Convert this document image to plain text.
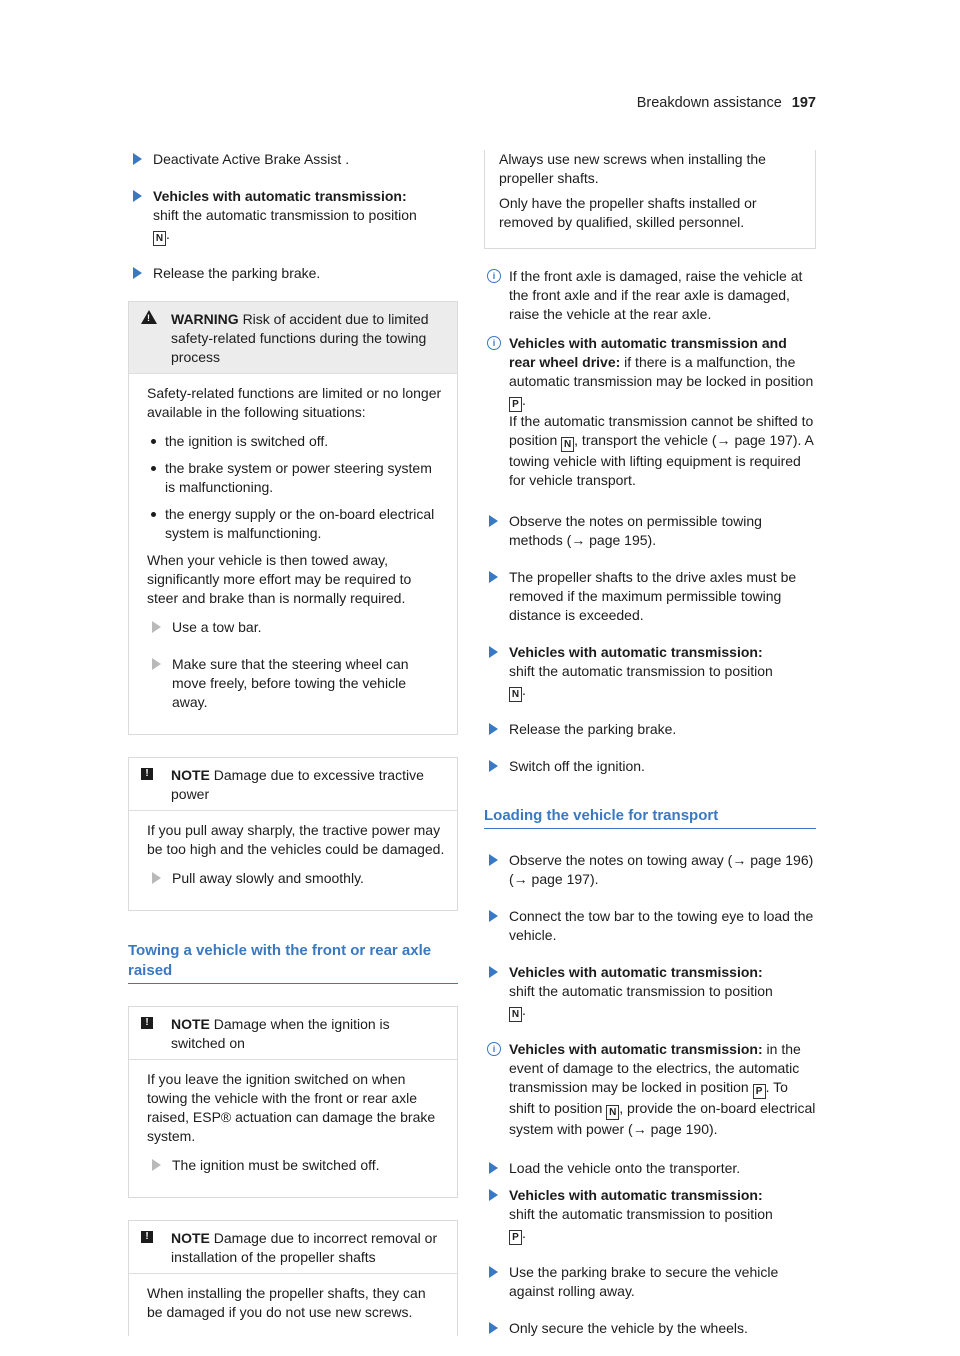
Breakdown assistance 197
Deactivate Active Brake Assist .
Vehicles with automatic transmission:
shift the automatic transmission to position
N .
Release the parking brake.
! WARNING Risk of accident due to limited safety-related functions during the towing process

Safety-related functions are limited or no longer available in the following situations:

the ignition is switched off.
the brake system or power steering system is malfunctioning.
the energy supply or the on-board electrical system is malfunctioning.

When your vehicle is then towed away, significantly more effort may be required to steer and brake than is normally required.

Use a tow bar.
Make sure that the steering wheel can move freely, before towing the vehicle away.
!	NOTE Damage due to excessive tractive power

If you pull away sharply, the tractive power may be too high and the vehicles could be damaged.

Pull away slowly and smoothly.
Towing a vehicle with the front or rear axle raised
!	NOTE Damage when the ignition is switched on

If you leave the ignition switched on when towing the vehicle with the front or rear axle raised, ESP® actuation can damage the brake system.

The ignition must be switched off.
!	NOTE Damage due to incorrect removal or installation of the propeller shafts

When installing the propeller shafts, they can be damaged if you do not use new screws.

Always use new screws when installing the propeller shafts.

Only have the propeller shafts installed or removed by qualified, skilled personnel.

i If the front axle is damaged, raise the vehicle at the front axle and if the rear axle is damaged, raise the vehicle at the rear axle.
i Vehicles with automatic transmission and rear wheel drive: if there is a malfunction, the automatic transmission may be locked in position P .
If the automatic transmission cannot be shifted to position N , transport the vehicle (→ page 197). A towing vehicle with lifting equipment is required for vehicle transport.
Observe the notes on permissible towing methods (→ page 195).
The propeller shafts to the drive axles must be removed if the maximum permissible towing distance is exceeded.
Vehicles with automatic transmission:
shift the automatic transmission to position
N .
Release the parking brake.
Switch off the ignition.
Loading the vehicle for transport
Observe the notes on towing away (→ page 196) (→ page 197).
Connect the tow bar to the towing eye to load the vehicle.
Vehicles with automatic transmission:
shift the automatic transmission to position
N .
i Vehicles with automatic transmission: in the event of damage to the electrics, the automatic transmission may be locked in position P . To shift to position N , provide the on-board electrical system with power (→ page 190).
Load the vehicle onto the transporter.
Vehicles with automatic transmission:
shift the automatic transmission to position
P .
Use the parking brake to secure the vehicle against rolling away.
Only secure the vehicle by the wheels.
